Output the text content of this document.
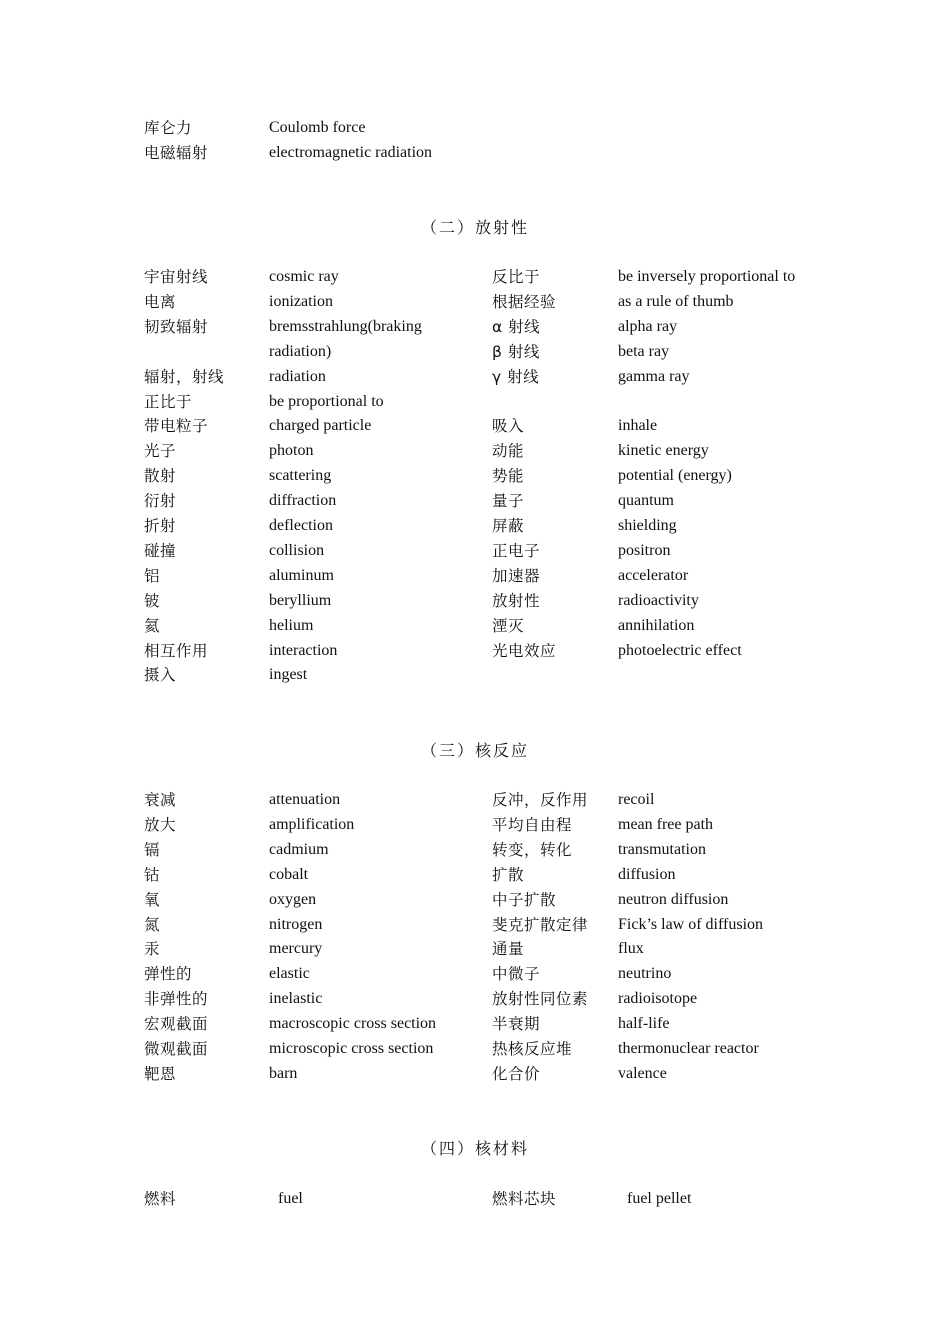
库仑力	Coulomb force
电磁辐射	electromagnetic radiation
（二）放射性
宇宙射线	cosmic ray	反比于	be inversely proportional to
电离	ionization	根据经验	as a rule of thumb
韧致辐射	bremsstrahlung(braking	α 射线	alpha ray
radiation)	β 射线	beta ray
辐射，射线	radiation	γ 射线	gamma ray
正比于	be proportional to
带电粒子	charged particle	吸入	inhale
光子	photon	动能	kinetic energy
散射	scattering	势能	potential (energy)
衍射	diffraction	量子	quantum
折射	deflection	屏蔽	shielding
碰撞	collision	正电子	positron
铝	aluminum	加速器	accelerator
铍	beryllium	放射性	radioactivity
氦	helium	湮灭	annihilation
相互作用	interaction	光电效应	photoelectric effect
摄入	ingest
（三）核反应
衰减	attenuation	反冲，反作用 recoil
放大	amplification	平均自由程	mean free path
镉	cadmium	转变，转化	transmutation
钴	cobalt	扩散	diffusion
氧	oxygen	中子扩散	neutron diffusion
氮	nitrogen	斐克扩散定律 Fick’s law of diffusion
汞	mercury	通量	flux
弹性的	elastic	中微子	neutrino
非弹性的	inelastic	放射性同位素 radioisotope
宏观截面	macroscopic cross section	半衰期	half-life
微观截面	microscopic cross section	热核反应堆	thermonuclear reactor
靶恩	barn	化合价	valence
（四）核材料
燃料	fuel	燃料芯块	fuel pellet
